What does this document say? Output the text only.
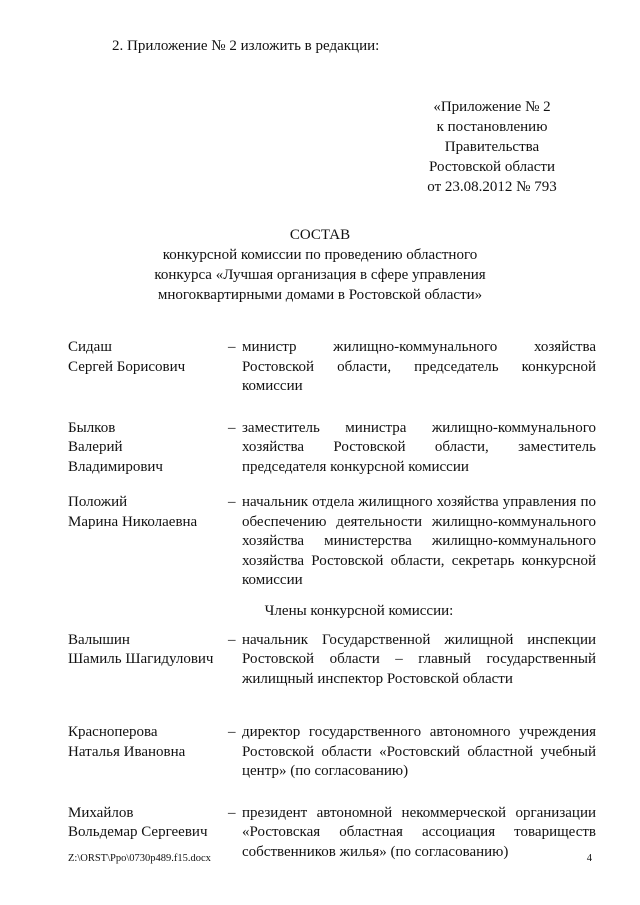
2. Приложение № 2 изложить в редакции:
«Приложение № 2
к постановлению
Правительства
Ростовской области
от 23.08.2012 № 793
СОСТАВ
конкурсной комиссии по проведению областного
конкурса «Лучшая организация в сфере управления
многоквартирными домами в Ростовской области»
Сидаш
Сергей Борисович
– министр жилищно-коммунального хозяйства Ростовской области, председатель конкурсной комиссии
Былков
Валерий
Владимирович
– заместитель министра жилищно-коммунального хозяйства Ростовской области, заместитель председателя конкурсной комиссии
Положий
Марина Николаевна
– начальник отдела жилищного хозяйства управления по обеспечению деятельности жилищно-коммунального хозяйства министерства жилищно-коммунального хозяйства Ростовской области, секретарь конкурсной комиссии
Члены конкурсной комиссии:
Валышин
Шамиль Шагидулович
– начальник Государственной жилищной инспекции Ростовской области – главный государственный жилищный инспектор Ростовской области
Красноперова
Наталья Ивановна
– директор государственного автономного учреждения Ростовской области «Ростовский областной учебный центр» (по согласованию)
Михайлов
Вольдемар Сергеевич
– президент автономной некоммерческой организации «Ростовская областная ассоциация товариществ собственников жилья» (по согласованию)
Z:\ORST\Ppo\0730p489.f15.docx	4
